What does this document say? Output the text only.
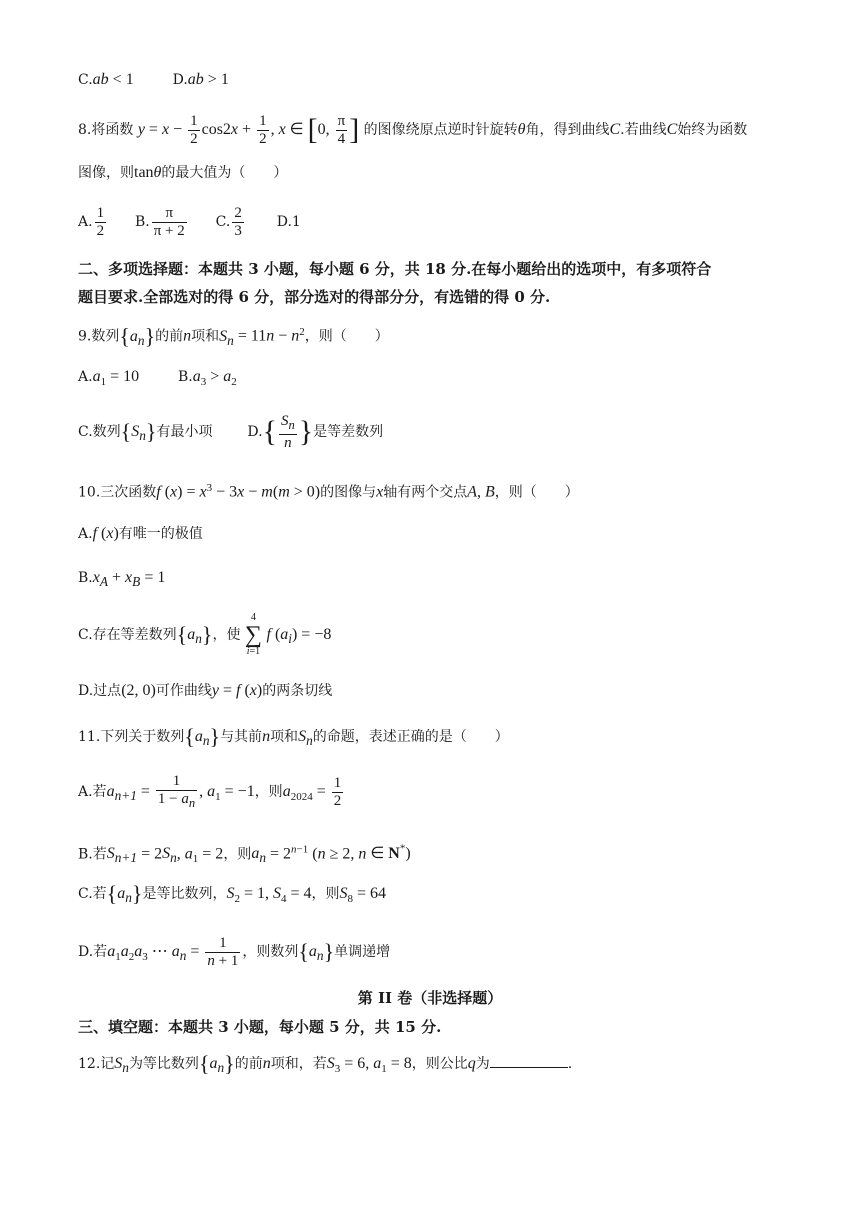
C.ab < 1	D.ab > 1
8.将函数 $y = x - \frac{1}{2} \cos 2x + \frac{1}{2}$ , x ∈ [0, $\frac{\pi}{4}$ ] 的图像绕原点逆时针旋转θ角，得到曲线C.若曲线C始终为函数
图像，则tanθ的最大值为（　　）
A. $\frac{1}{2} B$. $\frac{\pi}{\pi + 2} C$. $\frac{2}{3} D.1$
二、多项选择题：本题共 3 小题，每小题 6 分，共 18 分.在每小题给出的选项中，有多项符合
题目要求.全部选对的得 6 分，部分选对的得部分分，有选错的得 0 分.
9.数列$\{a_n\}$的前n项和$S_n = 11n - n^2$，则（　　）
$A.a_1 = 10$	$B.a_3 > a_2$
C.数列$\{S_n\}$有最小项 $D.\{ \frac{S_n}{n}$ }是等差数列
10.三次函数f $(x) = x^3 - 3x - m(m > 0)$的图像与x轴有两个交点A, B，则（　　）
A.f (x)有唯一的极值
$B.x_A + x_B = 1$
C.存在等差数列$\{a_n\}$，使
4
∑
i=1
f $(a_i) = -8$
D.过点(2, 0)可作曲线y = f (x)的两条切线
11.下列关于数列$\{a_n\}$与其前n项和$S_n$的命题，表述正确的是（　　）
A.若$a_{n+1} = \frac{1}{1 - a_n}$ , $a_1 = -1$，则$a_{2024} = \frac{1}{2}$
B.若$S_{n+1} = 2S_n$, $a_1 = 2$，则$a_n = 2^{n-1}$ (n ≥ 2, n ∈ N*)
C.若$\{a_n\}$是等比数列，$S_2 = 1$, $S_4 = 4$，则$S_8 = 64$
D.若$a_1a_2a_3$ ⋯ $a_n = \frac{1}{n + 1}$ ，则数列$\{a_n\}$单调递增
第 II 卷（非选择题）
三、填空题：本题共 3 小题，每小题 5 分，共 15 分.
12.记$S_n$为等比数列$\{a_n\}$的前n项和，若$S_3 = 6$, $a_1 = 8$，则公比q为	.
